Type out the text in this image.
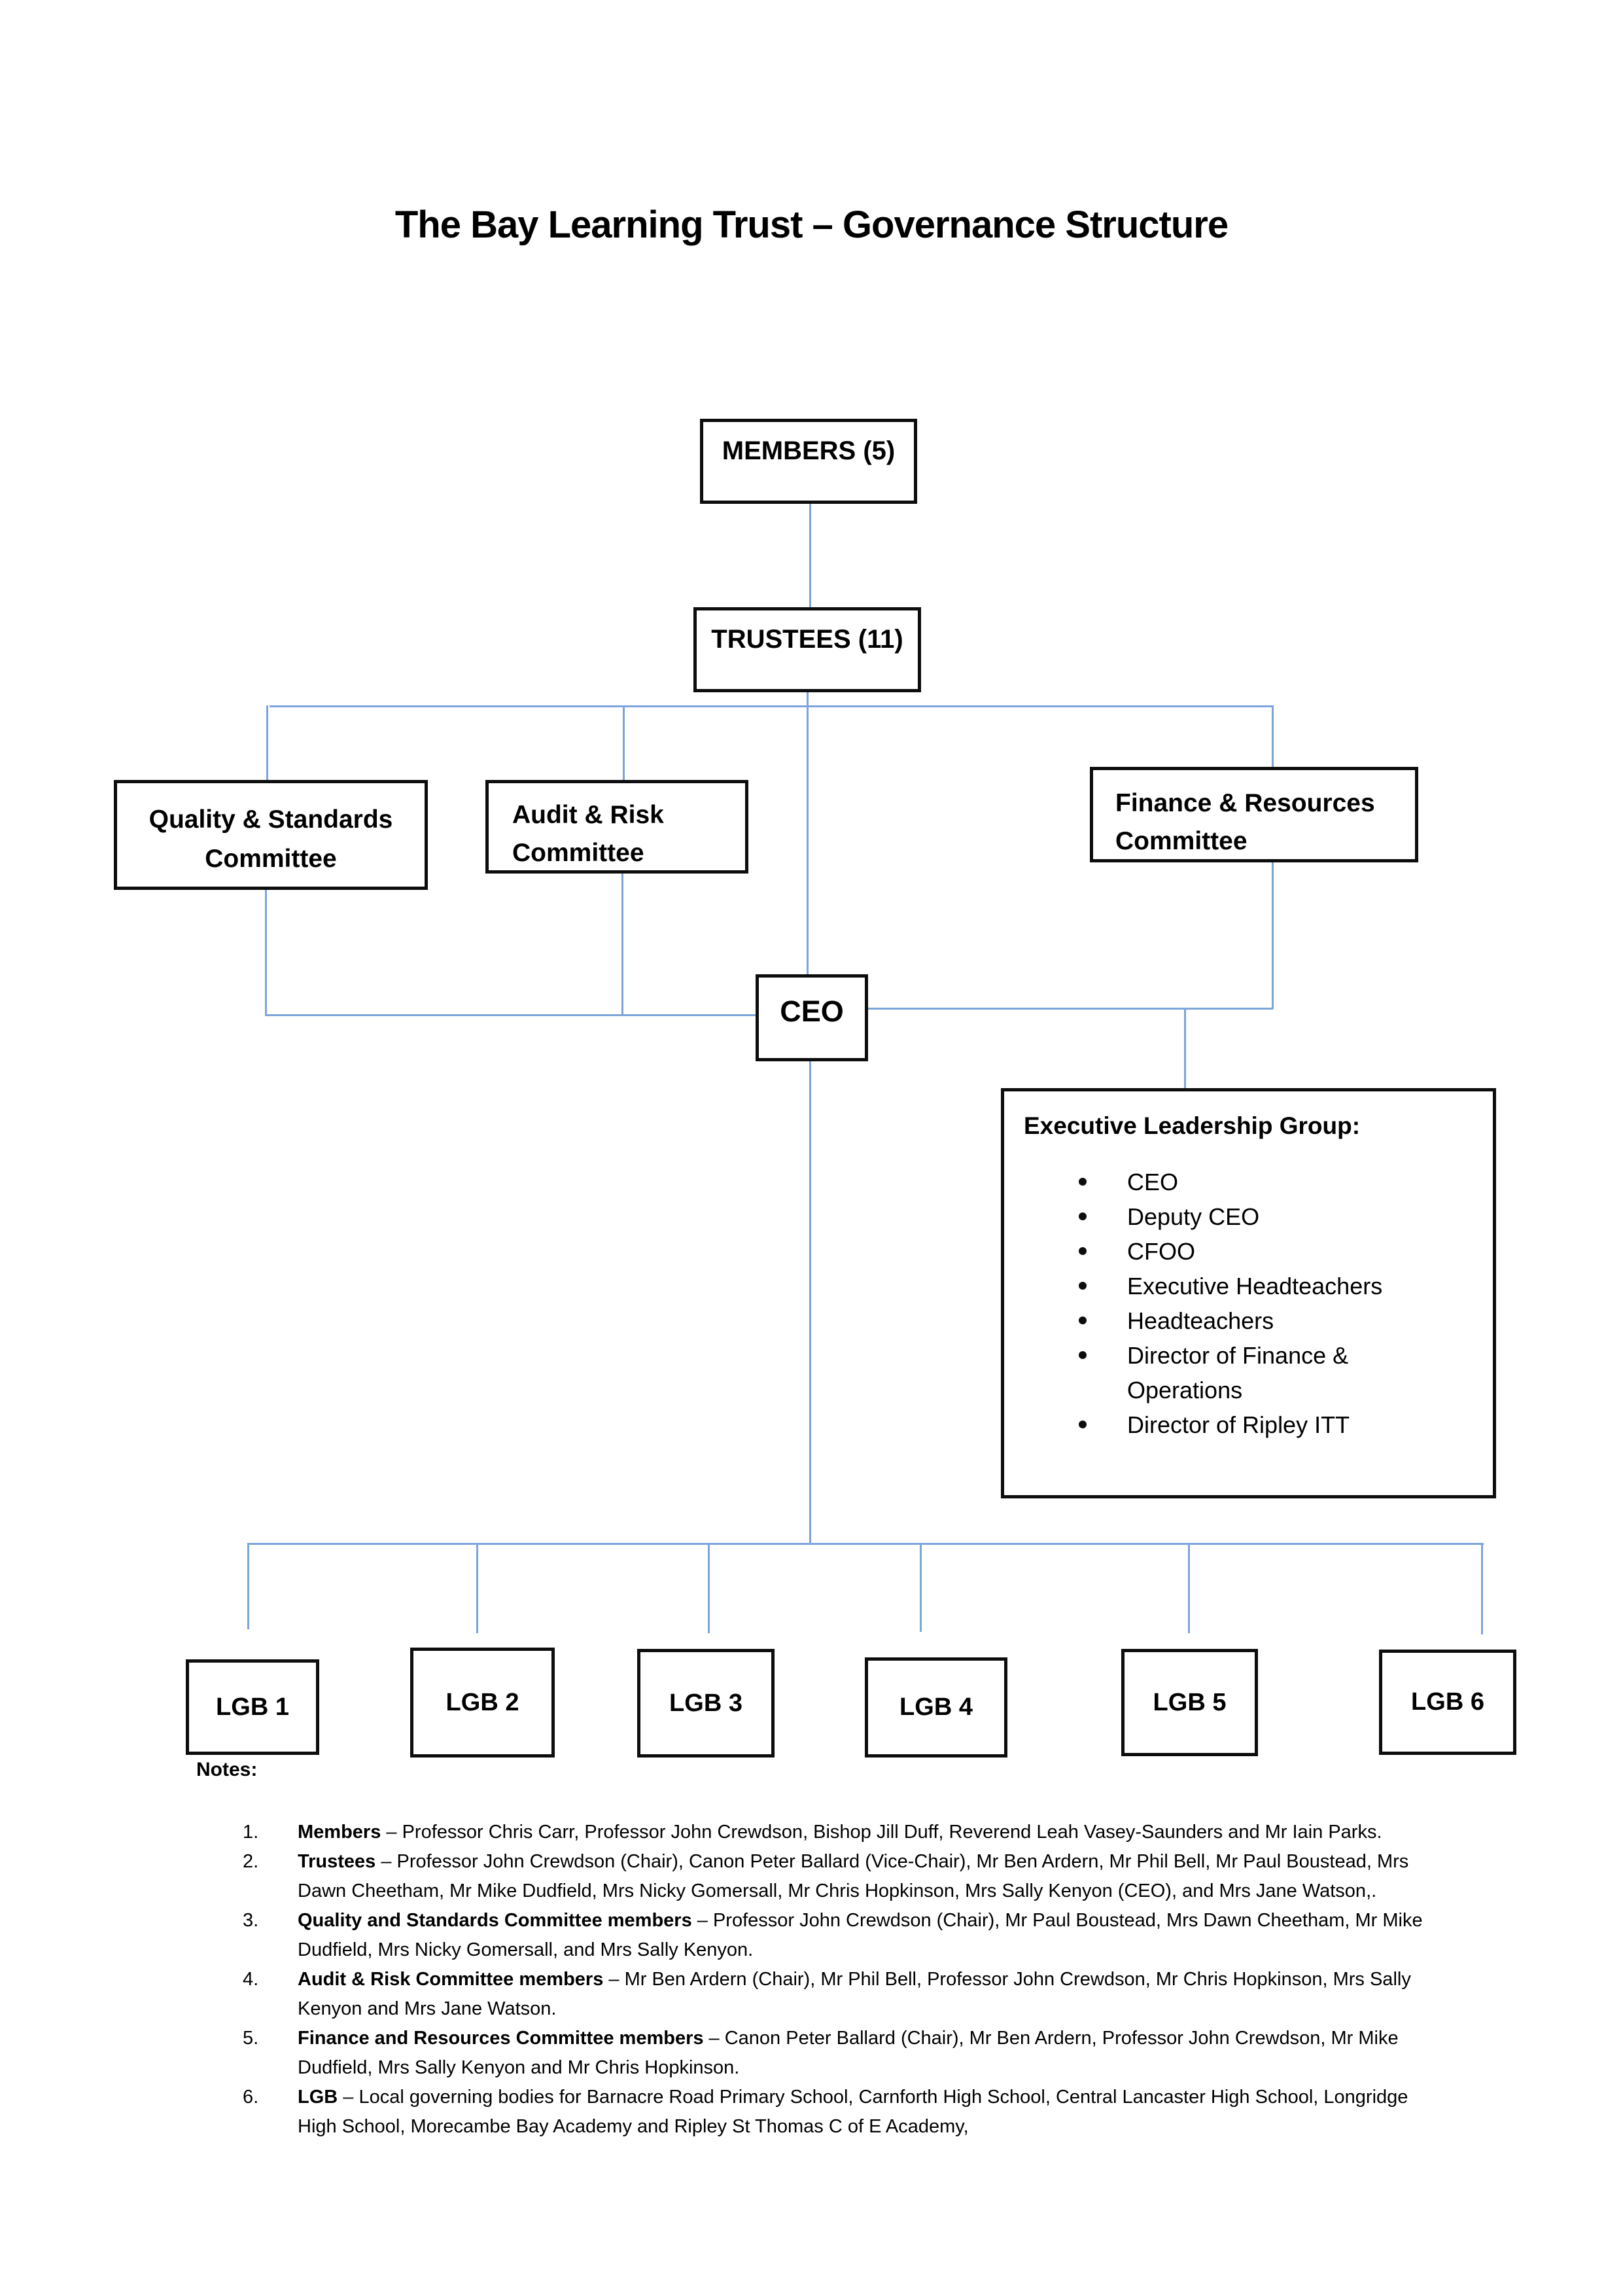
The Bay Learning Trust – Governance Structure
MEMBERS (5)
TRUSTEES (11)
Quality & Standards
Committee
Audit & Risk
Committee
Finance & Resources
Committee
CEO
Executive Leadership Group:
CEO
Deputy CEO
CFOO
Executive Headteachers
Headteachers
Director of Finance & Operations
Director of Ripley ITT
LGB 1	LGB 2	LGB 3	LGB 4	LGB 5	LGB 6
Notes:
1.	Members – Professor Chris Carr, Professor John Crewdson, Bishop Jill Duff, Reverend Leah Vasey-Saunders and Mr Iain Parks.
2.	Trustees – Professor John Crewdson (Chair), Canon Peter Ballard (Vice-Chair), Mr Ben Ardern, Mr Phil Bell, Mr Paul Boustead, Mrs Dawn Cheetham, Mr Mike Dudfield, Mrs Nicky Gomersall, Mr Chris Hopkinson, Mrs Sally Kenyon (CEO), and Mrs Jane Watson,.
3.	Quality and Standards Committee members – Professor John Crewdson (Chair), Mr Paul Boustead, Mrs Dawn Cheetham, Mr Mike Dudfield, Mrs Nicky Gomersall, and Mrs Sally Kenyon.
4.	Audit & Risk Committee members – Mr Ben Ardern (Chair), Mr Phil Bell, Professor John Crewdson, Mr Chris Hopkinson, Mrs Sally Kenyon and Mrs Jane Watson.
5.	Finance and Resources Committee members – Canon Peter Ballard (Chair), Mr Ben Ardern, Professor John Crewdson, Mr Mike Dudfield, Mrs Sally Kenyon and Mr Chris Hopkinson.
6.	LGB – Local governing bodies for Barnacre Road Primary School, Carnforth High School, Central Lancaster High School, Longridge High School, Morecambe Bay Academy and Ripley St Thomas C of E Academy,
